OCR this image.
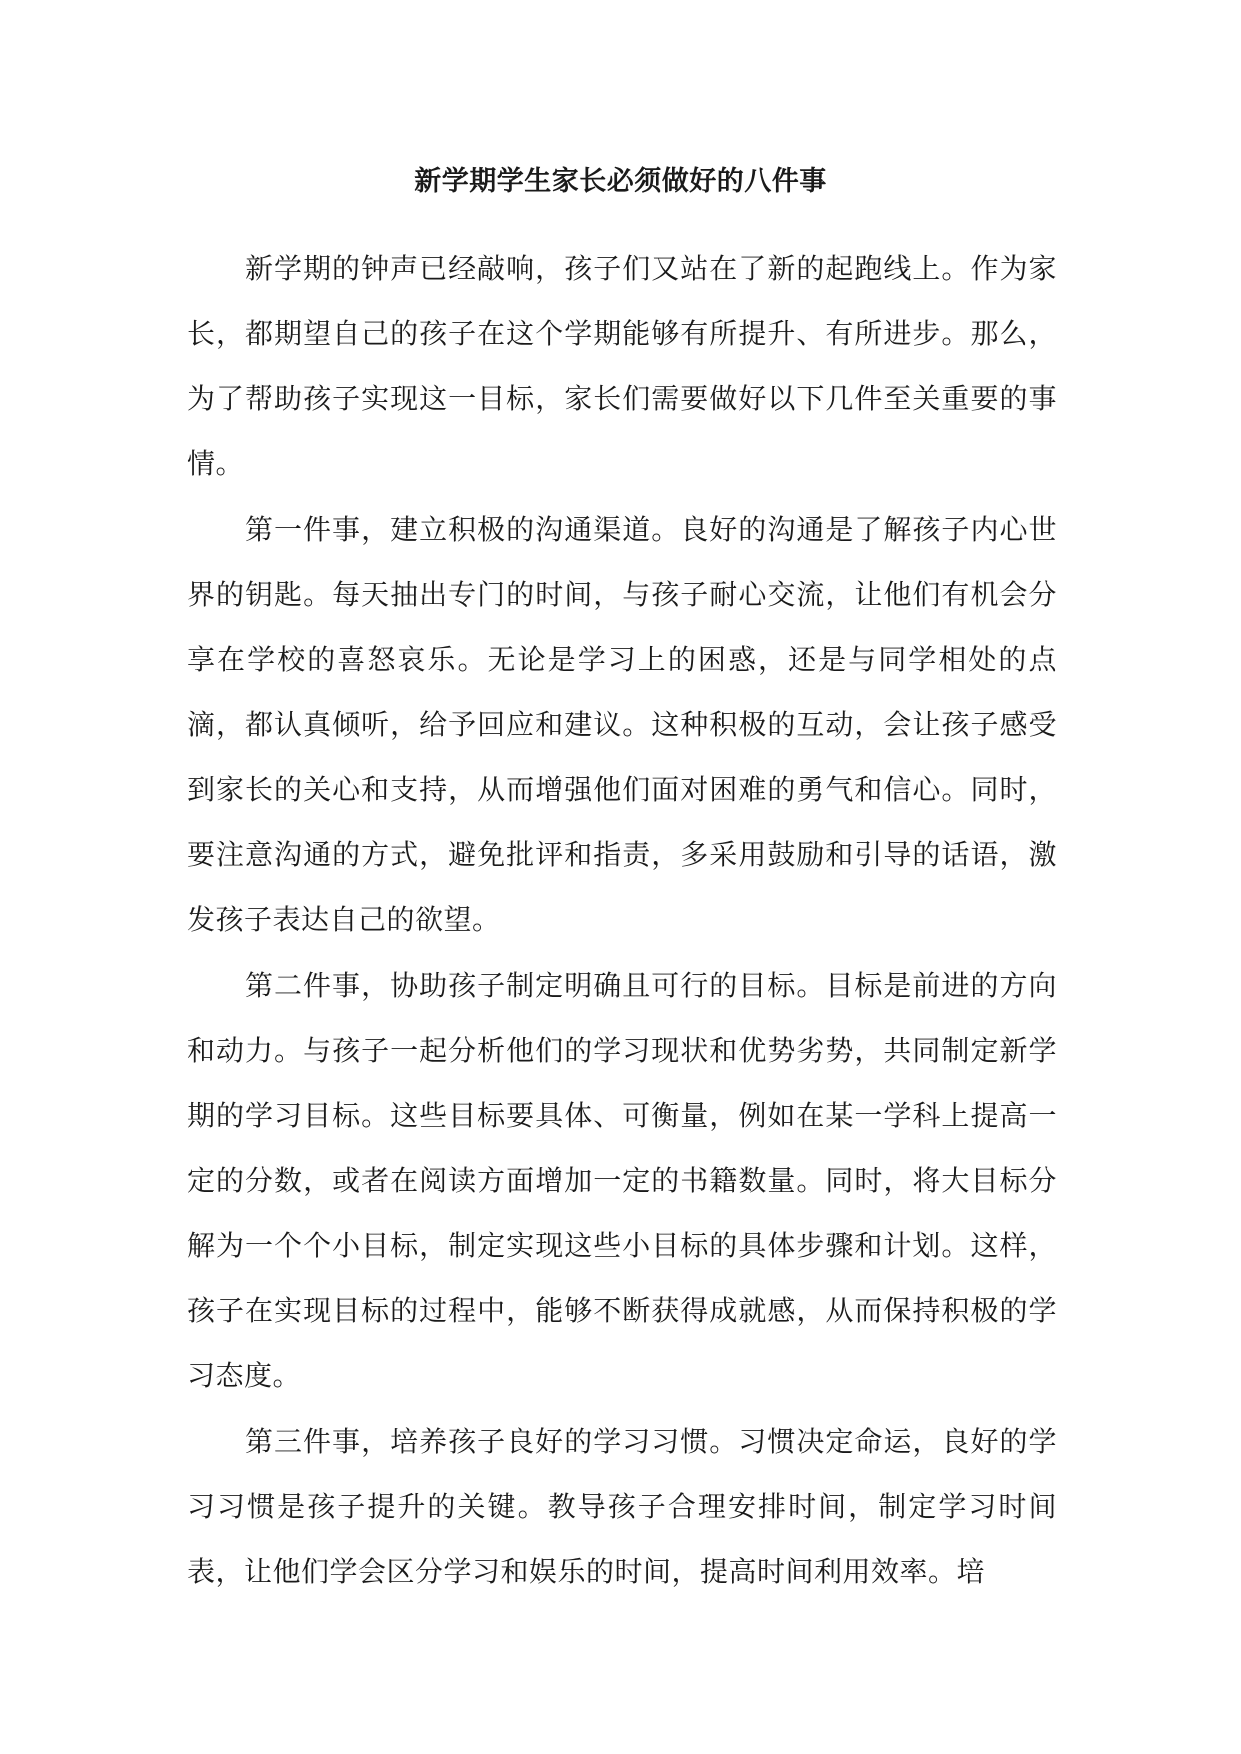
新学期学生家长必须做好的八件事

新学期的钟声已经敲响，孩子们又站在了新的起跑线上。作为家长，都期望自己的孩子在这个学期能够有所提升、有所进步。那么，为了帮助孩子实现这一目标，家长们需要做好以下几件至关重要的事情。

第一件事，建立积极的沟通渠道。良好的沟通是了解孩子内心世界的钥匙。每天抽出专门的时间，与孩子耐心交流，让他们有机会分享在学校的喜怒哀乐。无论是学习上的困惑，还是与同学相处的点滴，都认真倾听，给予回应和建议。这种积极的互动，会让孩子感受到家长的关心和支持，从而增强他们面对困难的勇气和信心。同时，要注意沟通的方式，避免批评和指责，多采用鼓励和引导的话语，激发孩子表达自己的欲望。

第二件事，协助孩子制定明确且可行的目标。目标是前进的方向和动力。与孩子一起分析他们的学习现状和优势劣势，共同制定新学期的学习目标。这些目标要具体、可衡量，例如在某一学科上提高一定的分数，或者在阅读方面增加一定的书籍数量。同时，将大目标分解为一个个小目标，制定实现这些小目标的具体步骤和计划。这样，孩子在实现目标的过程中，能够不断获得成就感，从而保持积极的学习态度。

第三件事，培养孩子良好的学习习惯。习惯决定命运，良好的学习习惯是孩子提升的关键。教导孩子合理安排时间，制定学习时间表，让他们学会区分学习和娱乐的时间，提高时间利用效率。培
